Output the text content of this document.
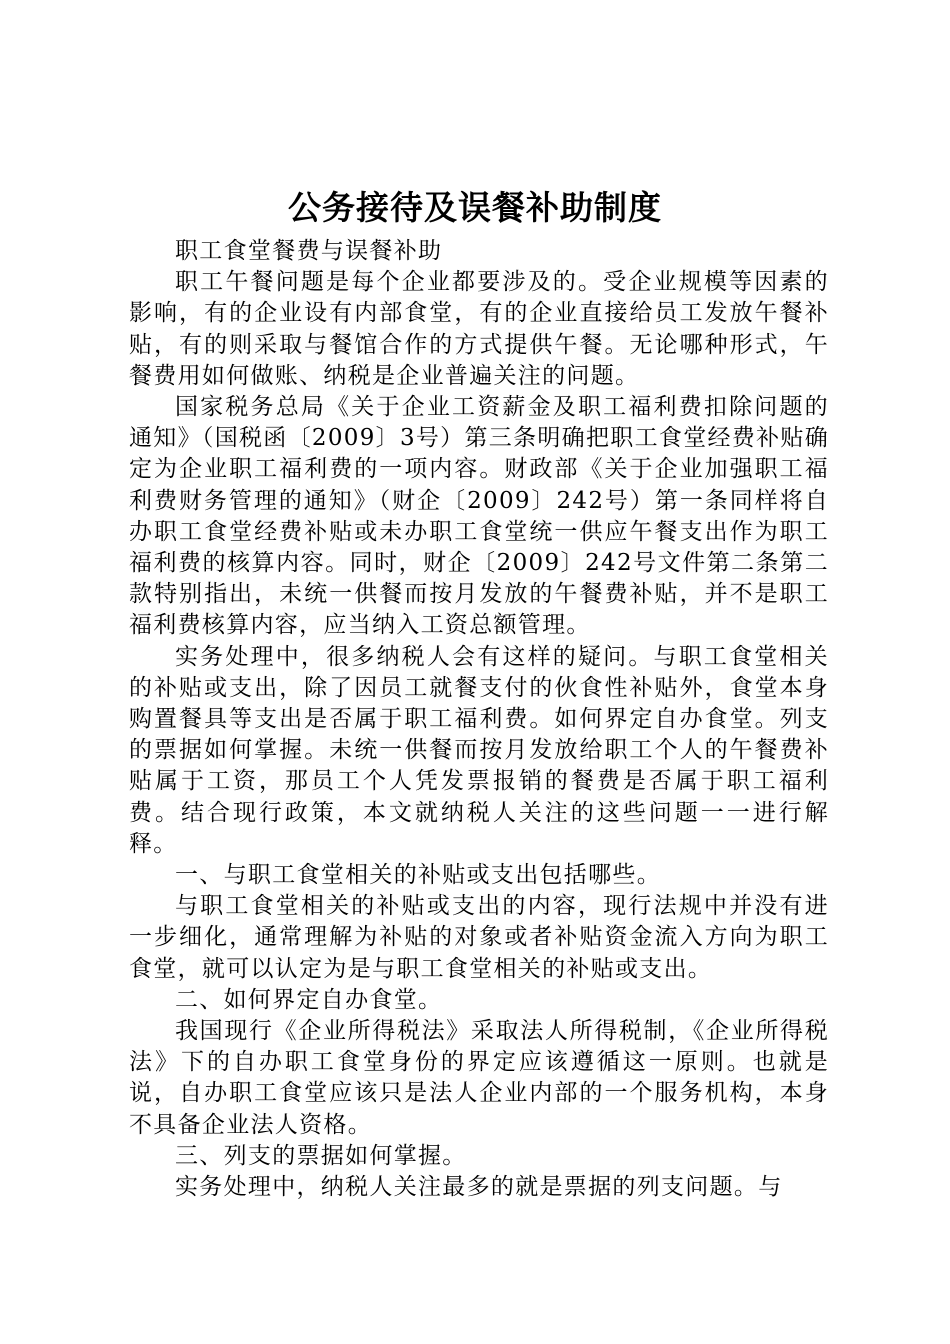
公务接待及误餐补助制度

职工食堂餐费与误餐补助

职工午餐问题是每个企业都要涉及的。受企业规模等因素的影响，有的企业设有内部食堂，有的企业直接给员工发放午餐补贴，有的则采取与餐馆合作的方式提供午餐。无论哪种形式，午餐费用如何做账、纳税是企业普遍关注的问题。

国家税务总局《关于企业工资薪金及职工福利费扣除问题的通知》（国税函〔2009〕3号）第三条明确把职工食堂经费补贴确定为企业职工福利费的一项内容。财政部《关于企业加强职工福利费财务管理的通知》（财企〔2009〕242号）第一条同样将自办职工食堂经费补贴或未办职工食堂统一供应午餐支出作为职工福利费的核算内容。同时，财企〔2009〕242号文件第二条第二款特别指出，未统一供餐而按月发放的午餐费补贴，并不是职工福利费核算内容，应当纳入工资总额管理。

实务处理中，很多纳税人会有这样的疑问。与职工食堂相关的补贴或支出，除了因员工就餐支付的伙食性补贴外，食堂本身购置餐具等支出是否属于职工福利费。如何界定自办食堂。列支的票据如何掌握。未统一供餐而按月发放给职工个人的午餐费补贴属于工资，那员工个人凭发票报销的餐费是否属于职工福利费。结合现行政策，本文就纳税人关注的这些问题一一进行解释。

一、与职工食堂相关的补贴或支出包括哪些。

与职工食堂相关的补贴或支出的内容，现行法规中并没有进一步细化，通常理解为补贴的对象或者补贴资金流入方向为职工食堂，就可以认定为是与职工食堂相关的补贴或支出。

二、如何界定自办食堂。

我国现行《企业所得税法》采取法人所得税制，《企业所得税法》下的自办职工食堂身份的界定应该遵循这一原则。也就是说，自办职工食堂应该只是法人企业内部的一个服务机构，本身不具备企业法人资格。

三、列支的票据如何掌握。

实务处理中，纳税人关注最多的就是票据的列支问题。与
